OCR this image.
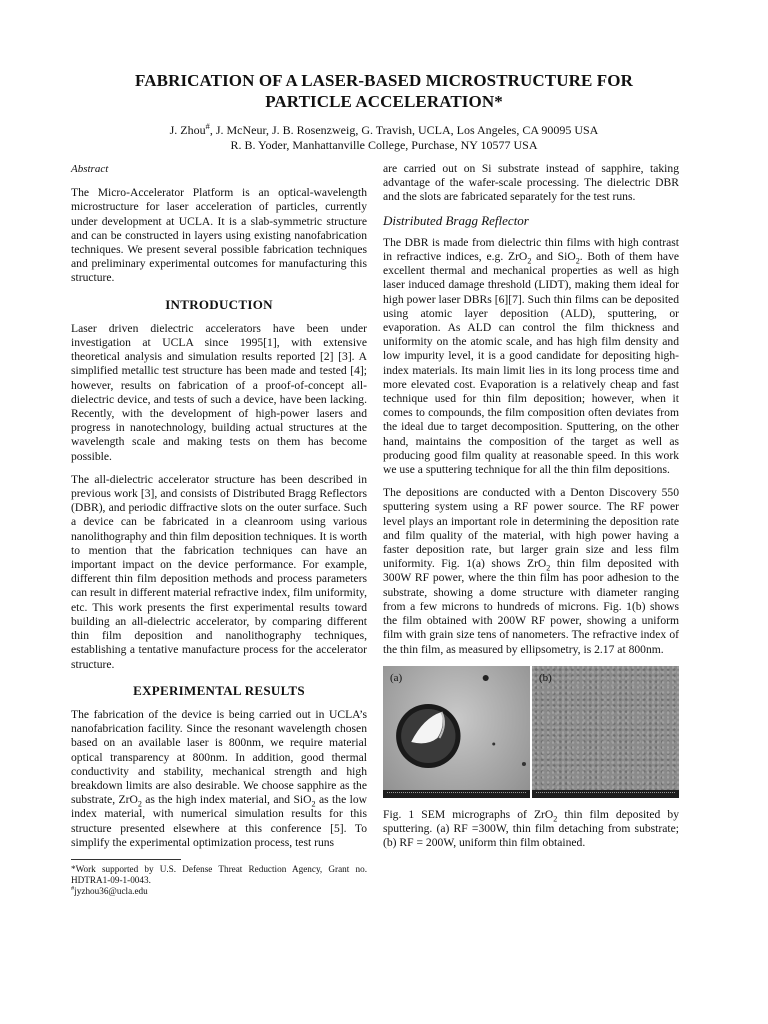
FABRICATION OF A LASER-BASED MICROSTRUCTURE FOR
PARTICLE ACCELERATION*
J. Zhou#, J. McNeur, J. B. Rosenzweig, G. Travish, UCLA, Los Angeles, CA 90095 USA
R. B. Yoder, Manhattanville College, Purchase, NY 10577 USA
Abstract

The Micro-Accelerator Platform is an optical-wavelength microstructure for laser acceleration of particles, currently under development at UCLA. It is a slab-symmetric structure and can be constructed in layers using existing nanofabrication techniques. We present several possible fabrication techniques and preliminary experimental outcomes for manufacturing this structure.

INTRODUCTION

Laser driven dielectric accelerators have been under investigation at UCLA since 1995[1], with extensive theoretical analysis and simulation results reported [2] [3]. A simplified metallic test structure has been made and tested [4]; however, results on fabrication of a proof-of-concept all-dielectric device, and tests of such a device, have been lacking. Recently, with the development of high-power lasers and progress in nanotechnology, building actual structures at the wavelength scale and making tests on them has become possible.

The all-dielectric accelerator structure has been described in previous work [3], and consists of Distributed Bragg Reflectors (DBR), and periodic diffractive slots on the outer surface. Such a device can be fabricated in a cleanroom using various nanolithography and thin film deposition techniques. It is worth to mention that the fabrication techniques can have an important impact on the device performance. For example, different thin film deposition methods and process parameters can result in different material refractive index, film uniformity, etc. This work presents the first experimental results toward building an all-dielectric accelerator, by comparing different thin film deposition and nanolithography techniques, establishing a tentative manufacture process for the accelerator structure.

EXPERIMENTAL RESULTS

The fabrication of the device is being carried out in UCLA’s nanofabrication facility. Since the resonant wavelength chosen based on an available laser is 800nm, we require material optical transparency at 800nm. In addition, good thermal conductivity and stability, mechanical strength and high breakdown limits are also desirable. We choose sapphire as the substrate, ZrO$_2$ as the high index material, and SiO$_2$ as the low index material, with numerical simulation results for this structure presented elsewhere at this conference [5]. To simplify the experimental optimization process, test runs

*Work supported by U.S. Defense Threat Reduction Agency, Grant no. HDTRA1-09-1-0043.

#jyzhou36@ucla.edu

are carried out on Si substrate instead of sapphire, taking advantage of the wafer-scale processing. The dielectric DBR and the slots are fabricated separately for the test runs.

Distributed Bragg Reflector

The DBR is made from dielectric thin films with high contrast in refractive indices, e.g. ZrO$_2$ and SiO$_2$. Both of them have excellent thermal and mechanical properties as well as high laser induced damage threshold (LIDT), making them ideal for high power laser DBRs [6][7]. Such thin films can be deposited using atomic layer deposition (ALD), sputtering, or evaporation. As ALD can control the film thickness and uniformity on the atomic scale, and has high film density and low impurity level, it is a good candidate for depositing high-index materials. Its main limit lies in its long process time and more elevated cost. Evaporation is a relatively cheap and fast technique used for thin film deposition; however, when it comes to compounds, the film composition often deviates from the ideal due to target decomposition. Sputtering, on the other hand, maintains the composition of the target as well as producing good film quality at reasonable speed. In this work we use a sputtering technique for all the thin film depositions.

The depositions are conducted with a Denton Discovery 550 sputtering system using a RF power source. The RF power level plays an important role in determining the deposition rate and film quality of the material, with high power having a faster deposition rate, but larger grain size and less film uniformity. Fig. 1(a) shows ZrO$_2$ thin film deposited with 300W RF power, where the thin film has poor adhesion to the substrate, showing a dome structure with diameter ranging from a few microns to hundreds of microns. Fig. 1(b) shows the film obtained with 200W RF power, showing a uniform film with grain size tens of nanometers. The refractive index of the thin film, as measured by ellipsometry, is 2.17 at 800nm.

(a)	(b)

Fig. 1 SEM micrographs of ZrO$_2$ thin film deposited by sputtering. (a) RF =300W, thin film detaching from substrate; (b) RF = 200W, uniform thin film obtained.
